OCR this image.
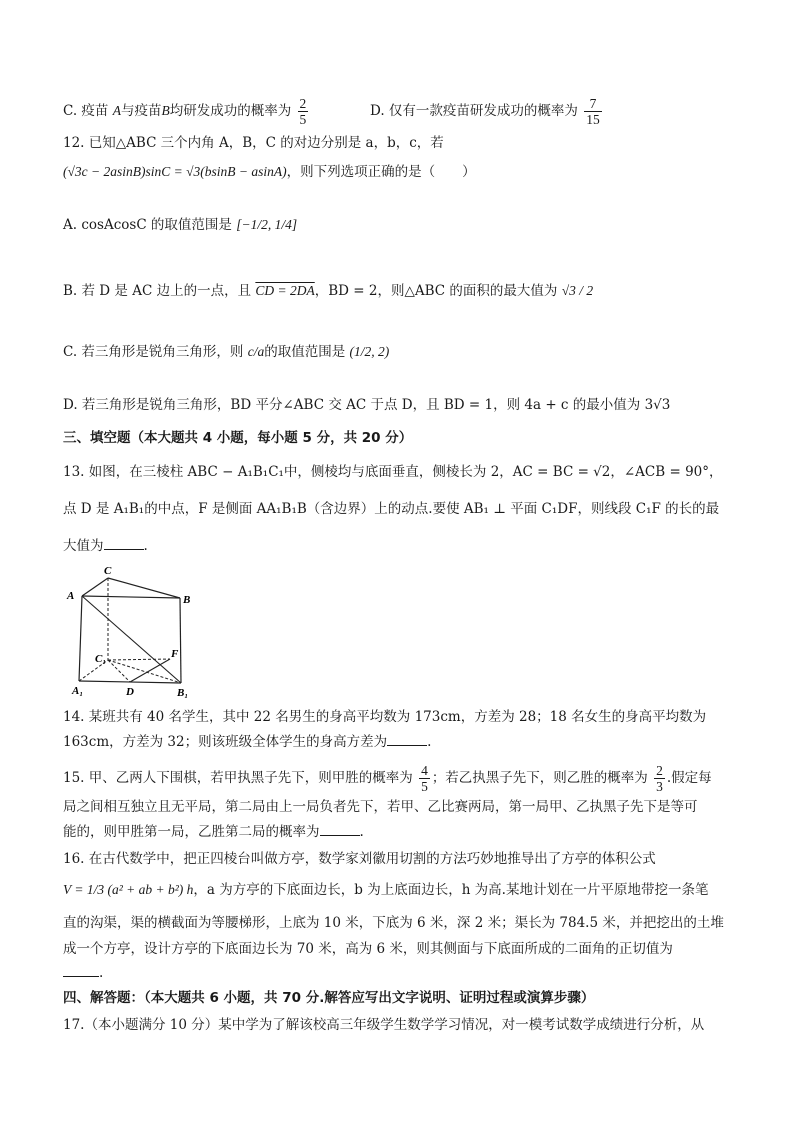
C. 疫苗 A与疫苗B均研发成功的概率为 $\frac{2}{5}$	D. 仅有一款疫苗研发成功的概率为 $\frac{7}{15}$
12. 已知△ABC 三个内角 A，B，C 的对边分别是 a，b，c，若
(√3c − 2asinB)sinC = √3(bsinB − asinA)，则下列选项正确的是（　　）
A. cosAcosC 的取值范围是 [−1/2, 1/4]
B. 若 D 是 AC 边上的一点，且 CD = 2DA，BD = 2，则△ABC 的面积的最大值为 √3 / 2
C. 若三角形是锐角三角形，则 c/a的取值范围是 (1/2, 2)
D. 若三角形是锐角三角形，BD 平分∠ABC 交 AC 于点 D，且 BD = 1，则 4a + c 的最小值为 3√3
三、填空题（本大题共 4 小题，每小题 5 分，共 20 分）
13. 如图，在三棱柱 ABC − A₁B₁C₁中，侧棱均与底面垂直，侧棱长为 2，AC = BC = √2，∠ACB = 90°，
点 D 是 A₁B₁的中点，F 是侧面 AA₁B₁B（含边界）上的动点.要使 AB₁ ⊥ 平面 C₁DF，则线段 C₁F 的长的最
大值为	.
C
A	B
C₁	F
A₁	D	B₁
14. 某班共有 40 名学生，其中 22 名男生的身高平均数为 173cm，方差为 28；18 名女生的身高平均数为
163cm，方差为 32；则该班级全体学生的身高方差为	.
15. 甲、乙两人下围棋，若甲执黑子先下，则甲胜的概率为 $\frac{4}{5}$ ；若乙执黑子先下，则乙胜的概率为 $\frac{2}{3}$ .假定每
局之间相互独立且无平局，第二局由上一局负者先下，若甲、乙比赛两局，第一局甲、乙执黑子先下是等可
能的，则甲胜第一局，乙胜第二局的概率为	.
16. 在古代数学中，把正四棱台叫做方亭，数学家刘徽用切割的方法巧妙地推导出了方亭的体积公式
V = 1/3 (a² + ab + b²) h，a 为方亭的下底面边长，b 为上底面边长，h 为高.某地计划在一片平原地带挖一条笔
直的沟渠，渠的横截面为等腰梯形，上底为 10 米，下底为 6 米，深 2 米；渠长为 784.5 米，并把挖出的土堆
成一个方亭，设计方亭的下底面边长为 70 米，高为 6 米，则其侧面与下底面所成的二面角的正切值为
.
四、解答题：（本大题共 6 小题，共 70 分.解答应写出文字说明、证明过程或演算步骤）
17.（本小题满分 10 分）某中学为了解该校高三年级学生数学学习情况，对一模考试数学成绩进行分析，从
